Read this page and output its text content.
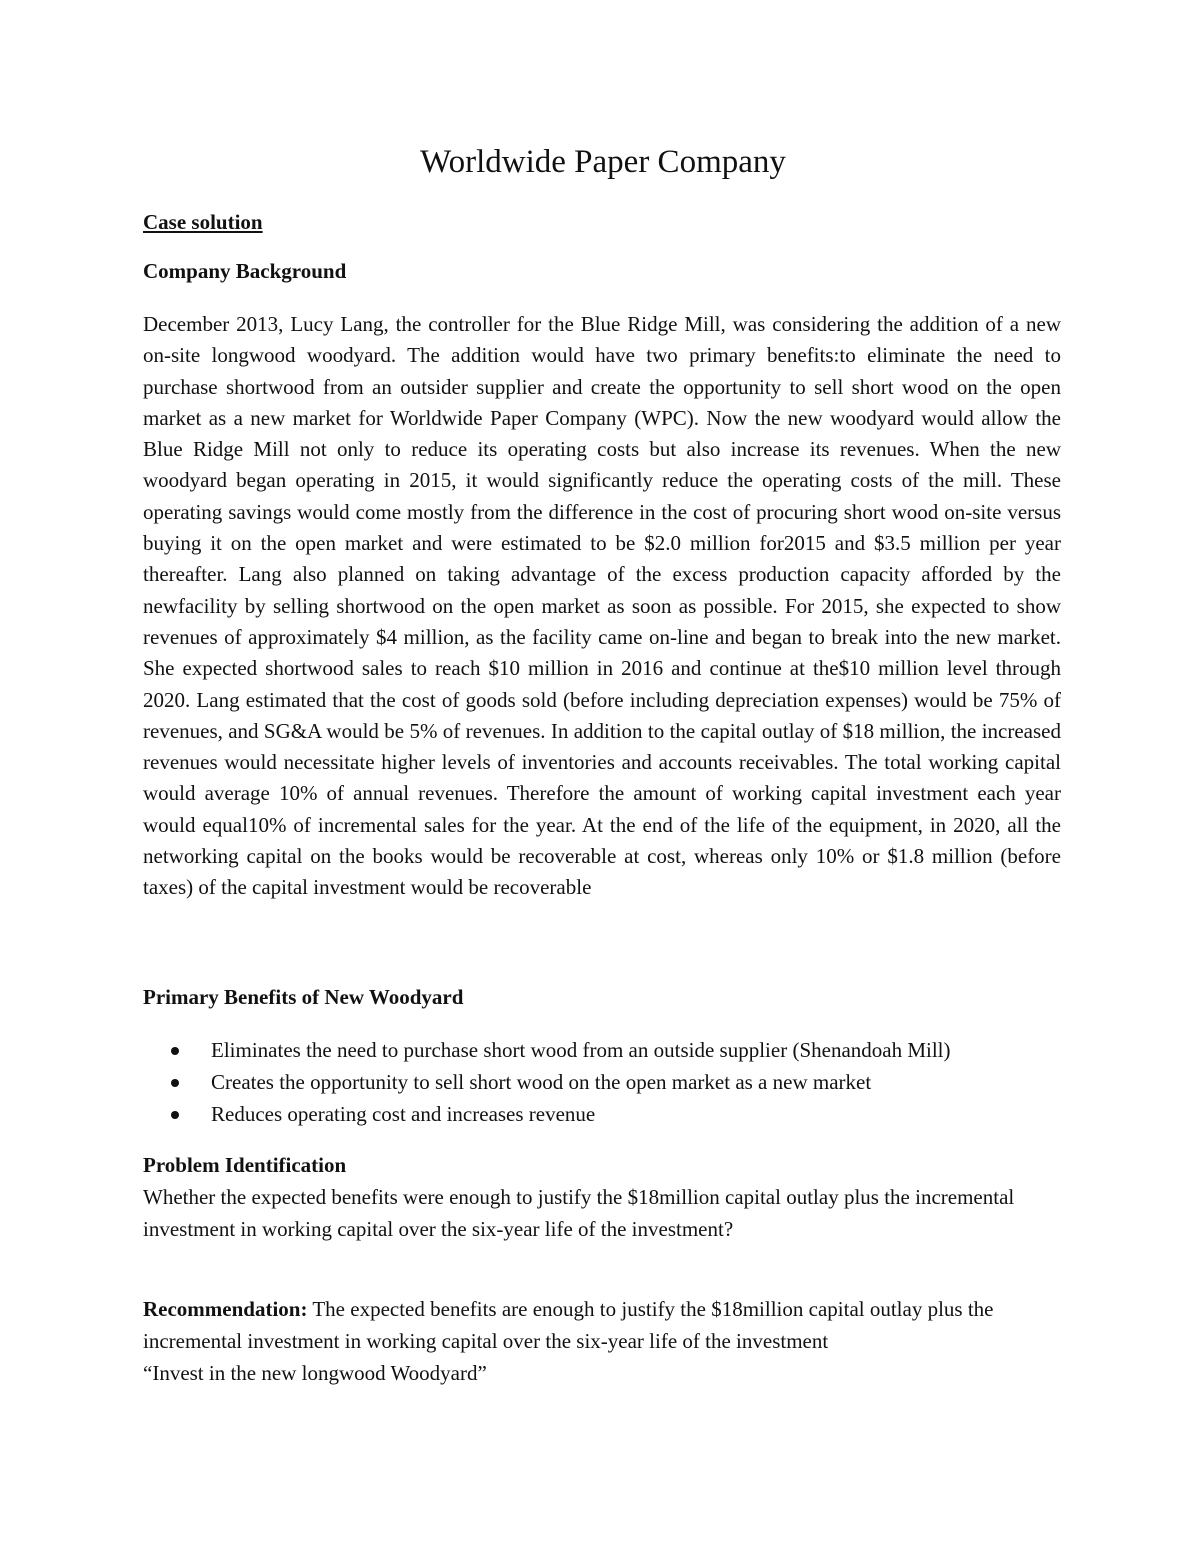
Worldwide Paper Company
Case solution
Company Background

December 2013, Lucy Lang, the controller for the Blue Ridge Mill, was considering the addition of a new on-site longwood woodyard. The addition would have two primary benefits:to eliminate the need to purchase shortwood from an outsider supplier and create the opportunity to sell short wood on the open market as a new market for Worldwide Paper Company (WPC). Now the new woodyard would allow the Blue Ridge Mill not only to reduce its operating costs but also increase its revenues. When the new woodyard began operating in 2015, it would significantly reduce the operating costs of the mill. These operating savings would come mostly from the difference in the cost of procuring short wood on-site versus buying it on the open market and were estimated to be $2.0 million for2015 and $3.5 million per year thereafter. Lang also planned on taking advantage of the excess production capacity afforded by the newfacility by selling shortwood on the open market as soon as possible. For 2015, she expected to show revenues of approximately $4 million, as the facility came on-line and began to break into the new market. She expected shortwood sales to reach $10 million in 2016 and continue at the$10 million level through 2020. Lang estimated that the cost of goods sold (before including depreciation expenses) would be 75% of revenues, and SG&A would be 5% of revenues. In addition to the capital outlay of $18 million, the increased revenues would necessitate higher levels of inventories and accounts receivables. The total working capital would average 10% of annual revenues. Therefore the amount of working capital investment each year would equal10% of incremental sales for the year. At the end of the life of the equipment, in 2020, all the networking capital on the books would be recoverable at cost, whereas only 10% or $1.8 million (before taxes) of the capital investment would be recoverable

Primary Benefits of New Woodyard
Eliminates the need to purchase short wood from an outside supplier (Shenandoah Mill)
Creates the opportunity to sell short wood on the open market as a new market
Reduces operating cost and increases revenue
Problem Identification

Whether the expected benefits were enough to justify the $18million capital outlay plus the incremental investment in working capital over the six-year life of the investment?

Recommendation: The expected benefits are enough to justify the $18million capital outlay plus the incremental investment in working capital over the six-year life of the investment
“Invest in the new longwood Woodyard”
